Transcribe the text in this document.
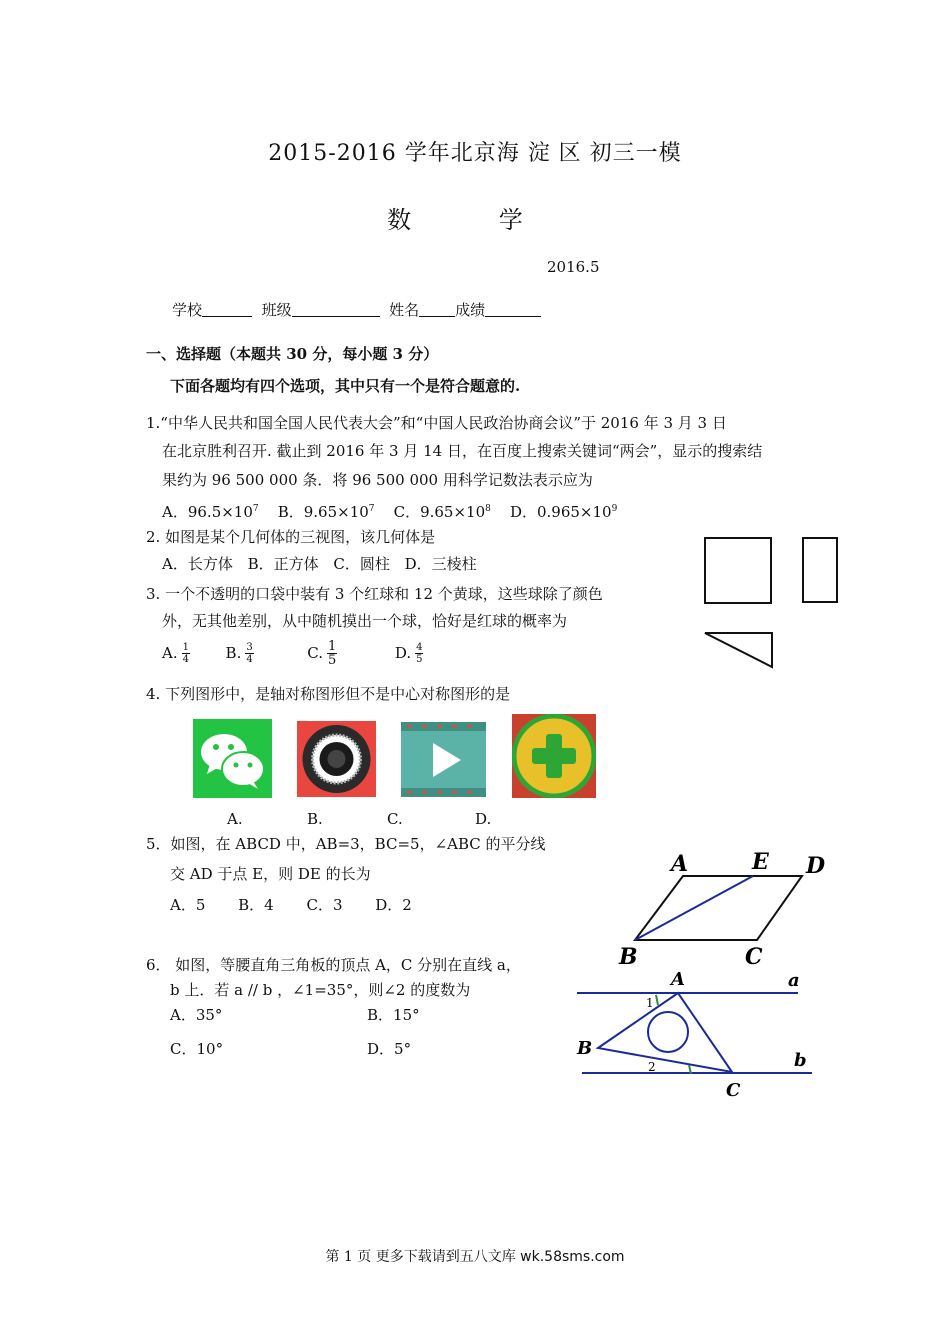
2015-2016 学年北京海 淀 区 初三一模
数 学
2016.5
学校	班级	姓名 成绩
一、选择题（本题共 30 分，每小题 3 分）
下面各题均有四个选项，其中只有一个是符合题意的.
1.“中华人民共和国全国人民代表大会”和“中国人民政治协商会议”于 2016 年 3 月 3 日
在北京胜利召开. 截止到 2016 年 3 月 14 日，在百度上搜索关键词“两会”，显示的搜索结
果约为 96 500 000 条．将 96 500 000 用科学记数法表示应为
A．$96.5\times 10^7$ B．$9.65\times 10^7$ C．$9.65\times 10^8$ D．$0.965\times 10^9$
2. 如图是某个几何体的三视图，该几何体是
A．长方体 B．正方体 C．圆柱 D．三棱柱
3. 一个不透明的口袋中装有 3 个红球和 12 个黄球，这些球除了颜色
外，无其他差别，从中随机摸出一个球，恰好是红球的概率为
A. $\frac{1}{4} B$. $\frac{3}{4}$	C. $\frac{1}{5}$	D. $\frac{4}{5}$
4. 下列图形中，是轴对称图形但不是中心对称图形的是
A.	B.	C.	D.
5．如图，在 ABCD 中，AB=3，BC=5，∠ABC 的平分线
交 AD 于点 E，则 DE 的长为
A．5 B．4 C．3 D．2
A	E D
B	C
6． 如图，等腰直角三角板的顶点 A，C 分别在直线 a，
b 上．若 a // b ，∠1=35°，则∠2 的度数为
A．35°	B．15°
C．10°	D．5°
A
B
C
a
b
1
2
第 1 页 更多下载请到五八文库 wk.58sms.com
